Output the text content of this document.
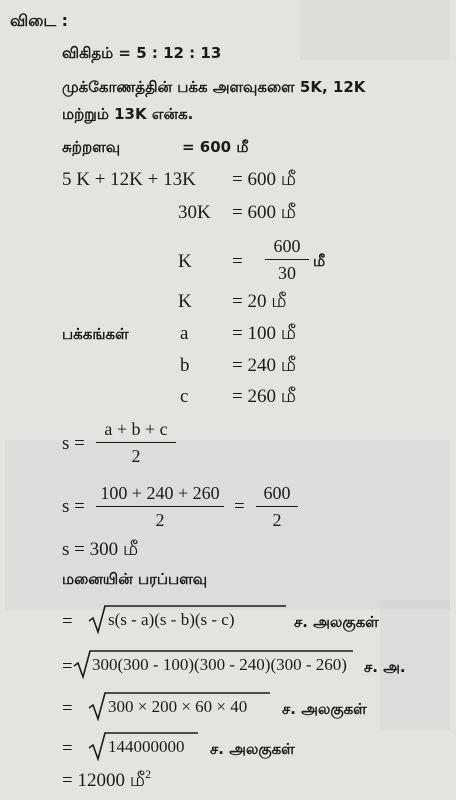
விடை :
விகிதம் = 5 : 12 : 13
முக்கோணத்தின் பக்க அளவுகளை 5K, 12K
மற்றும் 13K என்க.
சுற்றளவு	= 600 மீ
5 K + 12K + 13K = 600 மீ
30K = 600 மீ
K =
600
30
மீ
K = 20 மீ
பக்கங்கள்	a = 100 மீ
b = 240 மீ
c = 260 மீ
s =
a + b + c
2
s =
100 + 240 + 260
2
=
600
2
s = 300 மீ
மனையின் பரப்பளவு
= s(s - a)(s - b)(s - c)	ச. அலகுகள்
= 300(300 - 100)(300 - 240)(300 - 260) ச. அ.
= 300 × 200 × 60 × 40 ச. அலகுகள்
= 144000000 ச. அலகுகள்
= 12000 மீ$^2$
